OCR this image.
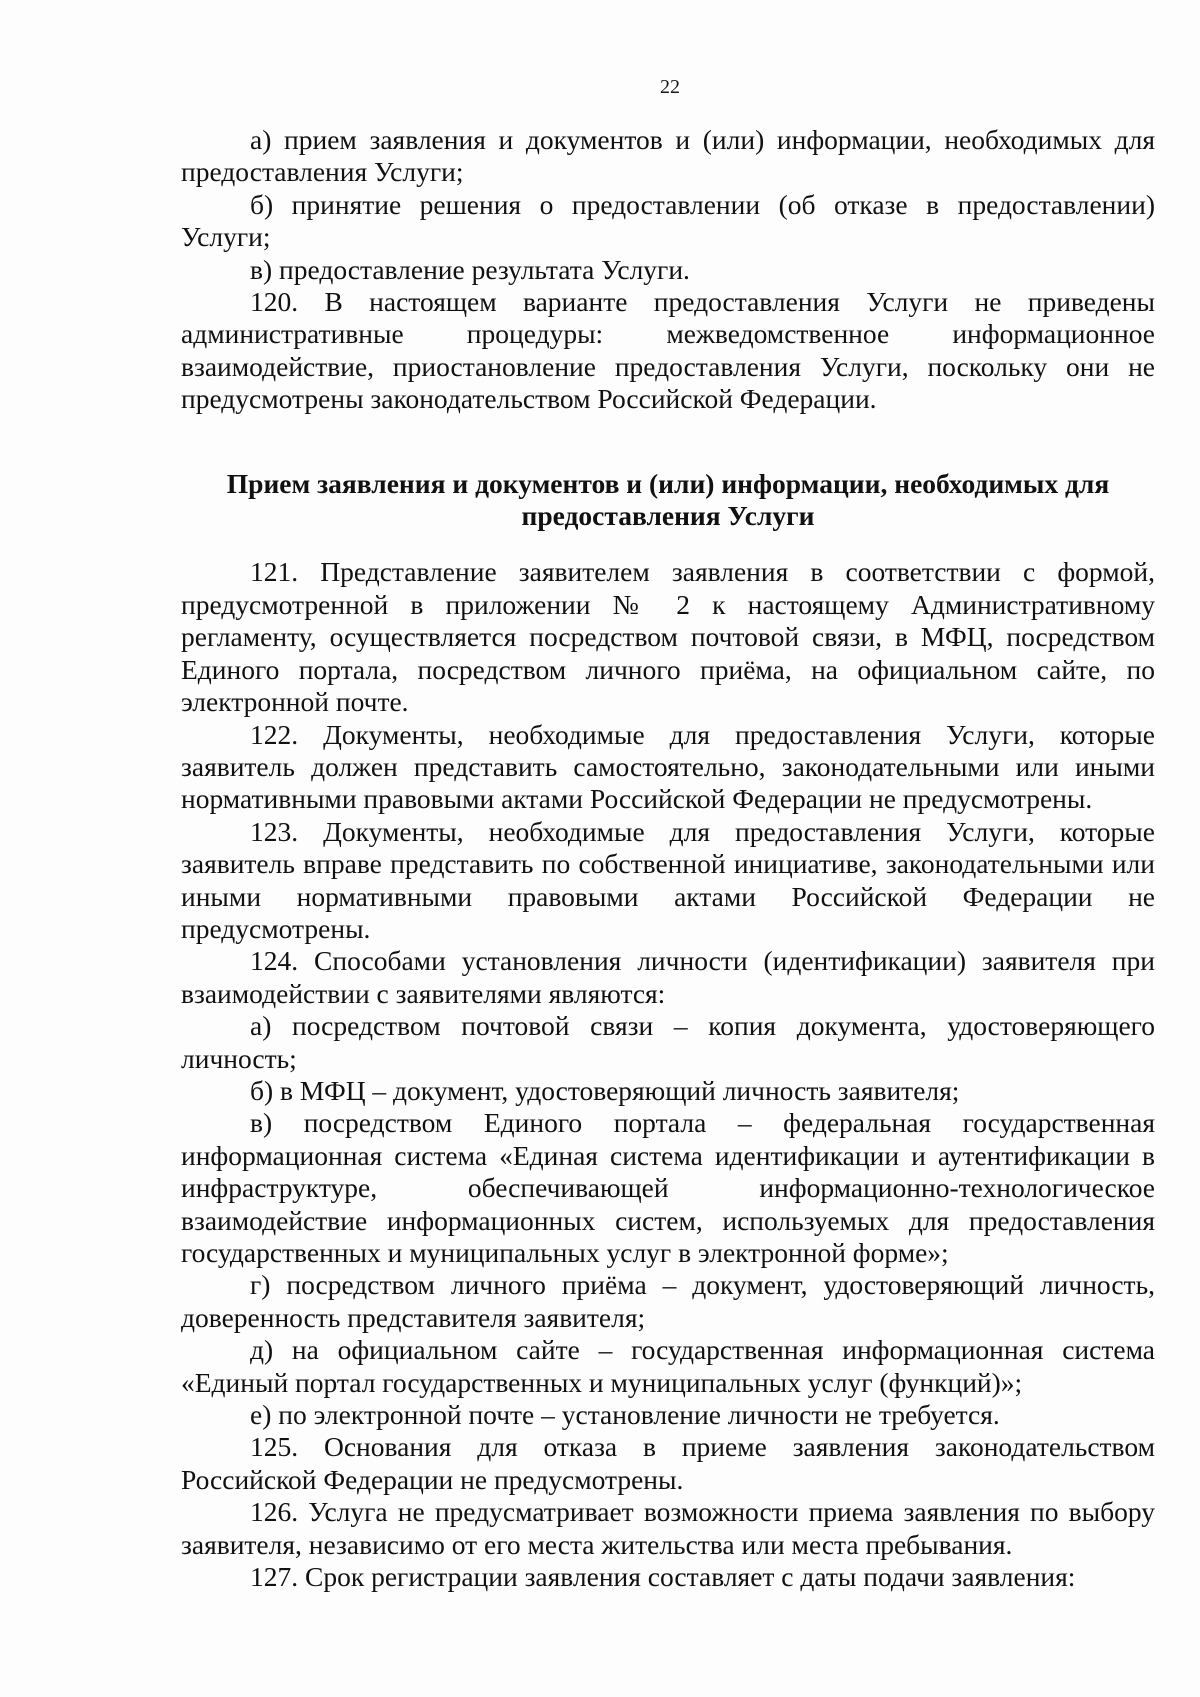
22

а) прием заявления и документов и (или) информации, необходимых для предоставления Услуги;

б) принятие решения о предоставлении (об отказе в предоставлении) Услуги;

в) предоставление результата Услуги.

120. В настоящем варианте предоставления Услуги не приведены административные процедуры: межведомственное информационное взаимодействие, приостановление предоставления Услуги, поскольку они не предусмотрены законодательством Российской Федерации.

Прием заявления и документов и (или) информации, необходимых для предоставления Услуги

121. Представление заявителем заявления в соответствии с формой, предусмотренной в приложении № 2 к настоящему Административному регламенту, осуществляется посредством почтовой связи, в МФЦ, посредством Единого портала, посредством личного приёма, на официальном сайте, по электронной почте.

122. Документы, необходимые для предоставления Услуги, которые заявитель должен представить самостоятельно, законодательными или иными нормативными правовыми актами Российской Федерации не предусмотрены.

123. Документы, необходимые для предоставления Услуги, которые заявитель вправе представить по собственной инициативе, законодательными или иными нормативными правовыми актами Российской Федерации не предусмотрены.

124. Способами установления личности (идентификации) заявителя при взаимодействии с заявителями являются:

а) посредством почтовой связи – копия документа, удостоверяющего личность;

б) в МФЦ – документ, удостоверяющий личность заявителя;

в) посредством Единого портала – федеральная государственная информационная система «Единая система идентификации и аутентификации в инфраструктуре, обеспечивающей информационно-технологическое взаимодействие информационных систем, используемых для предоставления государственных и муниципальных услуг в электронной форме»;

г) посредством личного приёма – документ, удостоверяющий личность, доверенность представителя заявителя;

д) на официальном сайте – государственная информационная система «Единый портал государственных и муниципальных услуг (функций)»;

е) по электронной почте – установление личности не требуется.

125. Основания для отказа в приеме заявления законодательством Российской Федерации не предусмотрены.

126. Услуга не предусматривает возможности приема заявления по выбору заявителя, независимо от его места жительства или места пребывания.

127. Срок регистрации заявления составляет с даты подачи заявления:
